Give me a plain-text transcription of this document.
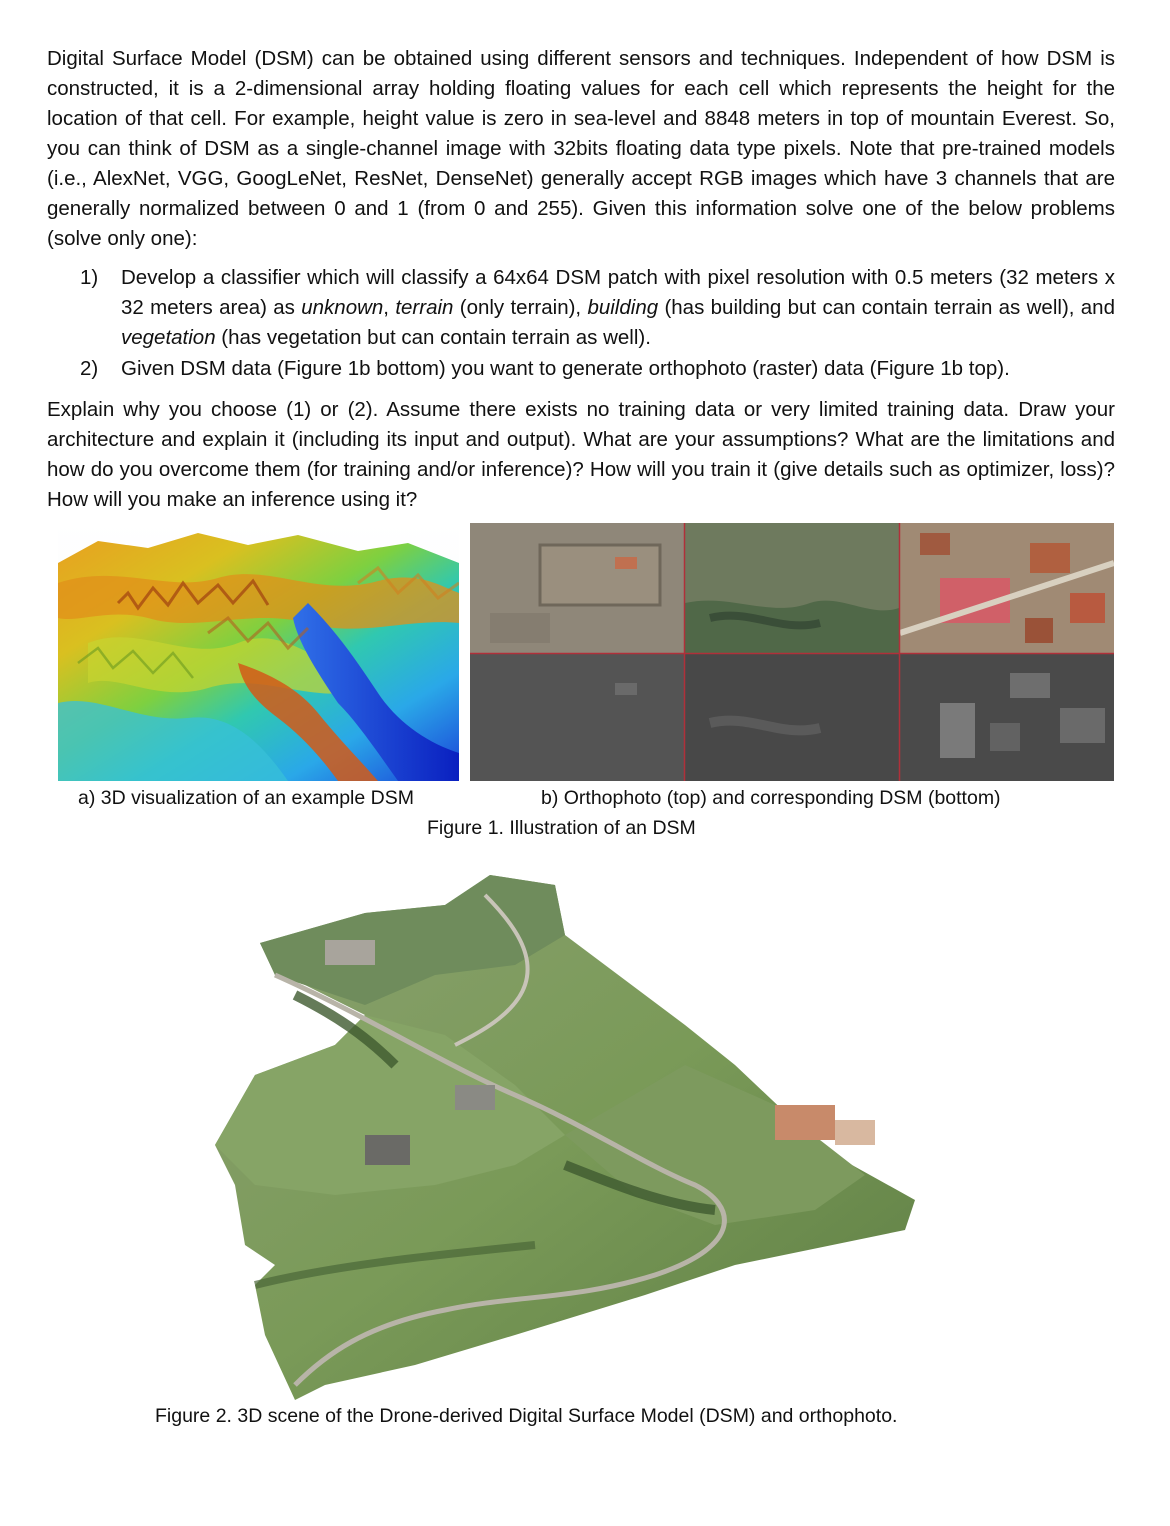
Digital Surface Model (DSM) can be obtained using different sensors and techniques. Independent of how DSM is constructed, it is a 2-dimensional array holding floating values for each cell which represents the height for the location of that cell. For example, height value is zero in sea-level and 8848 meters in top of mountain Everest. So, you can think of DSM as a single-channel image with 32bits floating data type pixels. Note that pre-trained models (i.e., AlexNet, VGG, GoogLeNet, ResNet, DenseNet) generally accept RGB images which have 3 channels that are generally normalized between 0 and 1 (from 0 and 255). Given this information solve one of the below problems (solve only one):

1) Develop a classifier which will classify a 64x64 DSM patch with pixel resolution with 0.5 meters (32 meters x 32 meters area) as unknown, terrain (only terrain), building (has building but can contain terrain as well), and vegetation (has vegetation but can contain terrain as well).
2) Given DSM data (Figure 1b bottom) you want to generate orthophoto (raster) data (Figure 1b top).

Explain why you choose (1) or (2). Assume there exists no training data or very limited training data. Draw your architecture and explain it (including its input and output). What are your assumptions? What are the limitations and how do you overcome them (for training and/or inference)? How will you train it (give details such as optimizer, loss)? How will you make an inference using it?

a) 3D visualization of an example DSM	b) Orthophoto (top) and corresponding DSM (bottom)
Figure 1. Illustration of an DSM
Figure 2. 3D scene of the Drone-derived Digital Surface Model (DSM) and orthophoto.
